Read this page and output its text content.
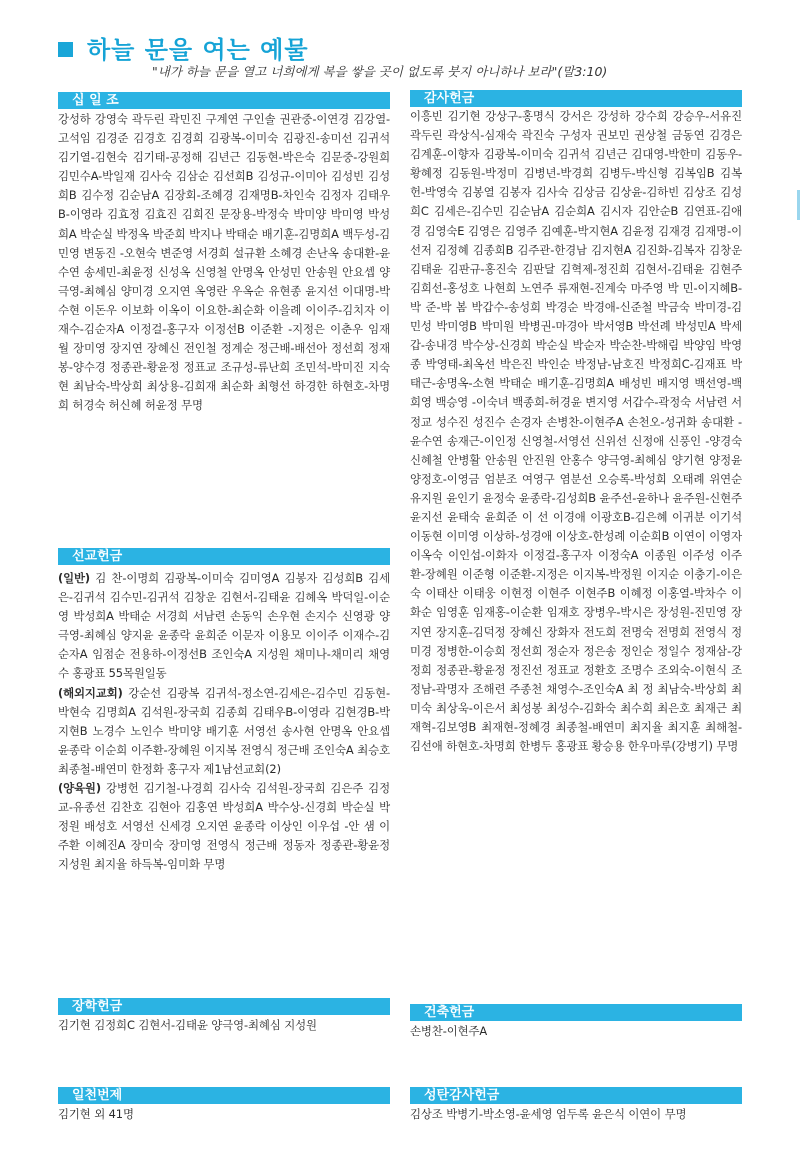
하늘 문을 여는 예물
"내가 하늘 문을 열고 너희에게 복을 쌓을 곳이 없도록 붓지 아니하나 보라"(말3:10)
십 일 조
강성하 강영숙 곽두린 곽민진 구계연 구인솔 권관중-이연경 김강열-고석임 김경준 김경호 김경희 김광복-이미숙 김광진-송미선 김귀석 김기열-김현숙 김기태-공정해 김년근 김동현-박은숙 김문중-강원희 김민수A-박일재 김사숙 김삼순 김선희B 김성규-이미아 김성빈 김성희B 김수정 김순남A 김장회-조혜경 김재명B-차인숙 김정자 김태우B-이영라 김효정 김효진 김희진 문장용-박정숙 박미양 박미영 박성희A 박순실 박정옥 박준희 박지나 박태순 배기훈-김명희A 백두성-김민영 변동진 -오현숙 변준영 서경희 설규환 소혜경 손난옥 송대환-윤수연 송세민-최윤정 신성옥 신영철 안명옥 안성민 안송원 안요셉 양극영-최혜심 양미경 오지연 옥영란 우옥순 유현종 윤지선 이대명-박수현 이돈우 이보화 이옥이 이요한-최순화 이을례 이이주-김치자 이재수-김순자A 이정걸-홍구자 이정선B 이준환 -지정은 이춘우 임재월 장미영 장지연 장혜신 전인철 정계순 정근배-배선아 정선희 정재봉-양수경 정종관-황윤정 정표교 조규성-류난희 조민석-박미진 지숙현 최남숙-박상희 최상용-김희재 최순화 최형선 하경한 하현호-차명희 허경숙 허신혜 허윤정 무명
선교헌금
(일반) 김 찬-이명희 김광복-이미숙 김미영A 김봉자 김성희B 김세은-김귀석 김수민-김귀석 김창운 김현서-김태윤 김혜옥 박덕일-이순영 박성희A 박태순 서경희 서남련 손동익 손우현 손지수 신영광 양극영-최혜심 양지윤 윤종락 윤희준 이문자 이용모 이이주 이재수-김순자A 임점순 전용하-이정선B 조인숙A 지성원 채미나-채미리 채영수 홍광표 55목원일동
(해외지교회) 강순선 김광복 김귀석-정소연-김세은-김수민 김동현-박현숙 김명희A 김석원-장국희 김종희 김태우B-이영라 김현경B-박지현B 노경수 노인수 박미양 배기훈 서영선 송사현 안명옥 안요셉 윤종락 이순희 이주환-장혜원 이지복 전영식 정근배 조인숙A 최승호 최종철-배연미 한정화 홍구자 제1남선교회(2)
(양육원) 강병헌 김기철-나경희 김사숙 김석원-장국희 김은주 김정교-유종선 김찬호 김현아 김홍연 박성희A 박수상-신경희 박순실 박정원 배성호 서영선 신세경 오지연 윤종락 이상인 이우섭 -안 샘 이주환 이혜진A 장미숙 장미영 전영식 정근배 정동자 정종관-황윤정 지성원 최지율 하득복-임미화 무명
장학헌금
김기현 김정희C 김현서-김태윤 양극영-최혜심 지성원
일천번제
김기현 외 41명
감사헌금
이흥빈 김기현 강상구-홍명식 강서은 강성하 강수희 강승우-서유진 곽두린 곽상식-심재숙 곽진숙 구성자 권보민 권상철 금동연 김경은 김계훈-이향자 김광복-이미숙 김귀석 김년근 김대영-박한미 김동우-황혜정 김동원-박정미 김병년-박경희 김병두-박신형 김복임B 김복헌-박영숙 김봉열 김봉자 김사숙 김상금 김상윤-김하빈 김상조 김성희C 김세은-김수민 김순남A 김순희A 김시자 김안순B 김연표-김애경 김영숙E 김영은 김영주 김예훈-박지현A 김윤정 김재경 김재명-이선저 김정혜 김종희B 김주관-한경남 김지현A 김진화-김복자 김창운 김태윤 김판규-홍진숙 김판달 김혁제-정진희 김현서-김태윤 김현주 김희선-홍성호 나현희 노연주 류재현-진계숙 마주영 박 민-이지혜B-박 준-박 봄 박갑수-송성희 박경순 박경애-신준철 박금숙 박미경-김민성 박미영B 박미원 박병권-마경아 박서영B 박선례 박성민A 박세갑-송내경 박수상-신경희 박순실 박순자 박순찬-박해림 박양임 박영종 박영태-최옥선 박은진 박인순 박정남-남호진 박정희C-김재표 박태근-송명옥-소현 박태순 배기훈-김명희A 배성빈 배지영 백선영-백희영 백승영 -이숙녀 백종희-허경윤 변지영 서갑수-곽정숙 서남련 서정교 성수진 성진수 손경자 손병찬-이현주A 손천오-성귀화 송대환 -윤수연 송재근-이인정 신영철-서영선 신위선 신정애 신풍인 -양경숙 신혜철 안병활 안송원 안진원 안홍수 양극영-최혜심 양기현 양정윤 양정호-이영금 엄분조 여영구 염분선 오승록-박성희 오태례 위연순 유지원 윤인기 윤정숙 윤종락-김성희B 윤주선-윤하나 윤주원-신현주 윤지선 윤태숙 윤희준 이 선 이경애 이광호B-김은혜 이귀분 이기석 이동현 이미영 이상하-성경애 이상호-한성례 이순희B 이연이 이영자 이옥숙 이인섭-이화자 이정걸-홍구자 이정숙A 이종원 이주성 이주환-장혜원 이준형 이준환-지정은 이지복-박정원 이지순 이충기-이은숙 이태산 이태웅 이현정 이현주 이현주B 이혜정 이홍열-박차수 이화순 임영훈 임재홍-이순환 임재호 장병우-박시은 장성원-진민영 장지연 장지훈-김덕정 장혜신 장화자 전도희 전명숙 전명희 전영식 정미경 정병한-이승희 정선희 정순자 정은송 정인순 정일수 정재삼-강정희 정종관-황윤정 정진선 정표교 정환호 조명수 조외숙-이현식 조정남-곽명자 조해련 주종천 채영수-조인숙A 최 정 최남숙-박상희 최미숙 최상욱-이은서 최성봉 최성수-김화숙 최수희 최은호 최재근 최재혁-김보영B 최재현-정혜경 최종철-배연미 최지율 최지훈 최해철-김선애 하현호-차명희 한병두 홍광표 황승용 한우마루(강병기) 무명
건축헌금
손병찬-이현주A
성탄감사헌금
김상조 박병기-박소영-윤세영 엄두록 윤은식 이연이 무명
